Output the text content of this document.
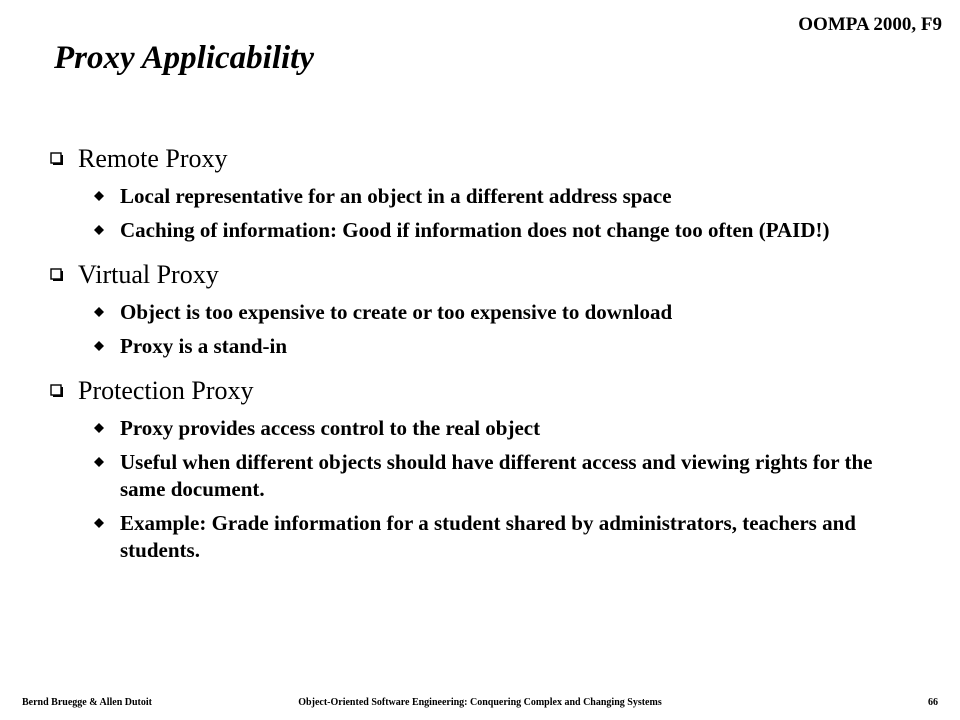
OOMPA 2000, F9
Proxy Applicability
Remote Proxy
Local representative for an object in a different address space
Caching of information: Good if information does not change too often (PAID!)
Virtual Proxy
Object is too expensive to create or too expensive to download
Proxy is a stand-in
Protection Proxy
Proxy provides access control to the real object
Useful when different objects should have different access and viewing rights for the same document.
Example: Grade information for a student shared by administrators, teachers and students.
Bernd Bruegge & Allen Dutoit	Object-Oriented Software Engineering: Conquering Complex and Changing Systems	66
